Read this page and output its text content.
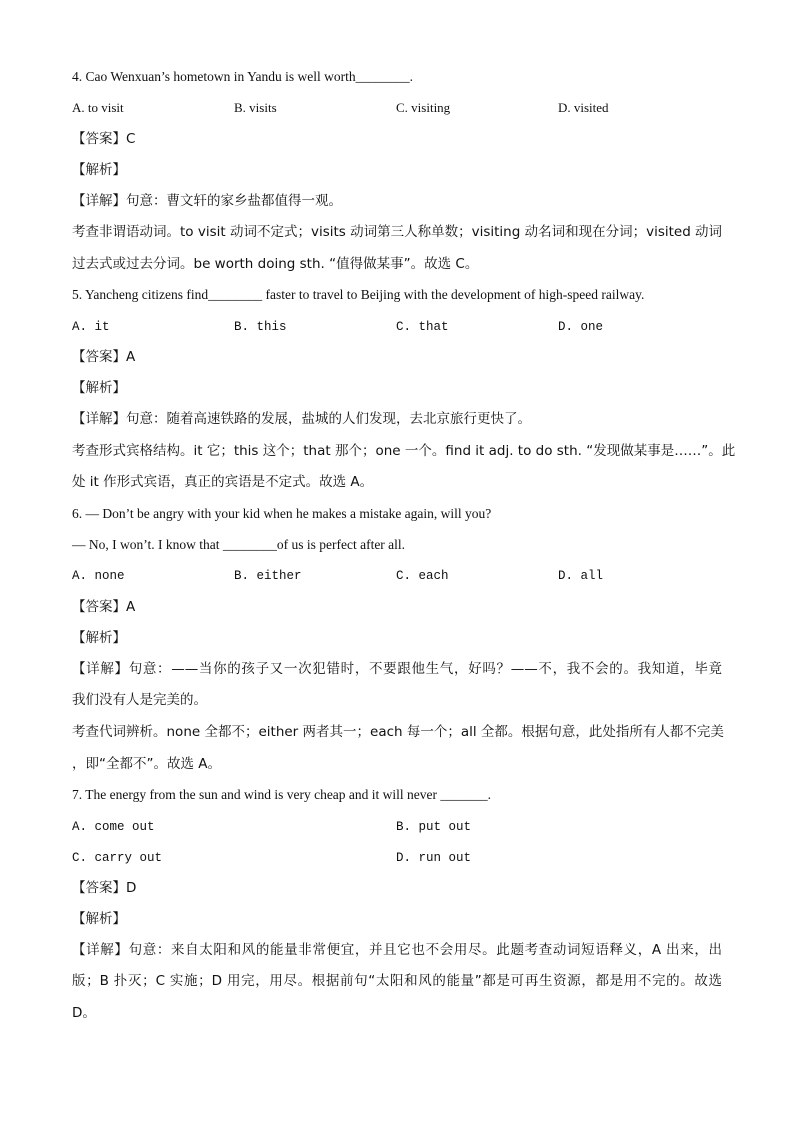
4. Cao Wenxuan’s hometown in Yandu is well worth________.
A. to visit	B. visits	C. visiting	D. visited
【答案】C
【解析】
【详解】句意：曹文轩的家乡盐都值得一观。
考查非谓语动词。to visit 动词不定式；visits 动词第三人称单数；visiting 动名词和现在分词；visited 动词
过去式或过去分词。be worth doing sth. “值得做某事”。故选 C。
5. Yancheng citizens find________ faster to travel to Beijing with the development of high-speed railway.
A. it	B. this	C. that	D. one
【答案】A
【解析】
【详解】句意：随着高速铁路的发展，盐城的人们发现，去北京旅行更快了。
考查形式宾格结构。it 它；this 这个；that 那个；one 一个。find it adj. to do sth. “发现做某事是……”。此
处 it 作形式宾语，真正的宾语是不定式。故选 A。
6. — Don’t be angry with your kid when he makes a mistake again, will you?
— No, I won’t. I know that ________of us is perfect after all.
A. none	B. either	C. each	D. all
【答案】A
【解析】
【详解】句意：——当你的孩子又一次犯错时，不要跟他生气，好吗？——不，我不会的。我知道，毕竟
我们没有人是完美的。
考查代词辨析。none 全都不；either 两者其一；each 每一个；all 全都。根据句意，此处指所有人都不完美
，即“全都不”。故选 A。
7. The energy from the sun and wind is very cheap and it will never _______.
A. come out	B. put out
C. carry out	D. run out
【答案】D
【解析】
【详解】句意：来自太阳和风的能量非常便宜，并且它也不会用尽。此题考查动词短语释义，A 出来，出
版；B 扑灭；C 实施；D 用完，用尽。根据前句“太阳和风的能量”都是可再生资源，都是用不完的。故选
D。
